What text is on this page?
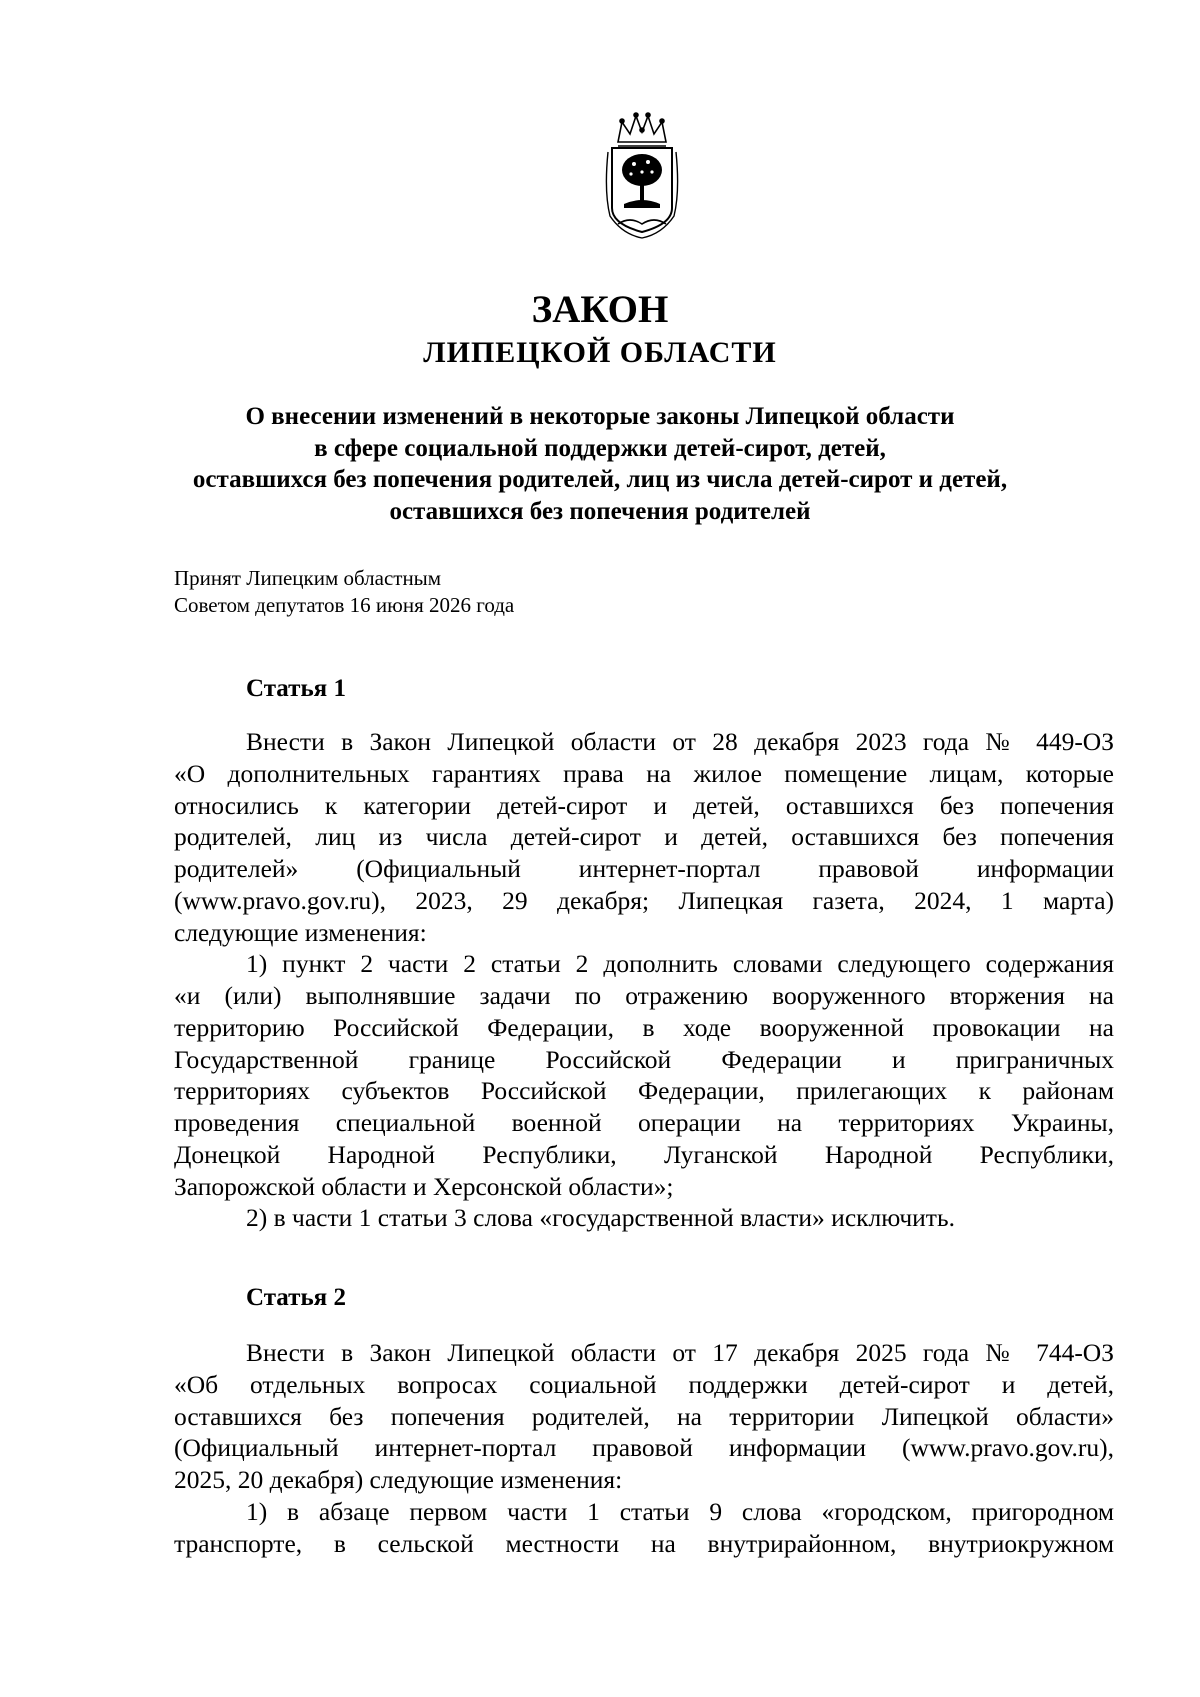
ЗАКОН
ЛИПЕЦКОЙ ОБЛАСТИ
О внесении изменений в некоторые законы Липецкой области
в сфере социальной поддержки детей-сирот, детей,
оставшихся без попечения родителей, лиц из числа детей-сирот и детей,
оставшихся без попечения родителей
Принят Липецким областным
Советом депутатов 16 июня 2026 года
Статья 1
Внести в Закон Липецкой области от 28 декабря 2023 года № 449-ОЗ
«О дополнительных гарантиях права на жилое помещение лицам, которые
относились к категории детей-сирот и детей, оставшихся без попечения
родителей, лиц из числа детей-сирот и детей, оставшихся без попечения
родителей» (Официальный интернет-портал правовой информации
(www.pravo.gov.ru), 2023, 29 декабря; Липецкая газета, 2024, 1 марта)
следующие изменения:
1) пункт 2 части 2 статьи 2 дополнить словами следующего содержания
«и (или) выполнявшие задачи по отражению вооруженного вторжения на
территорию Российской Федерации, в ходе вооруженной провокации на
Государственной границе Российской Федерации и приграничных
территориях субъектов Российской Федерации, прилегающих к районам
проведения специальной военной операции на территориях Украины,
Донецкой Народной Республики, Луганской Народной Республики,
Запорожской области и Херсонской области»;
2) в части 1 статьи 3 слова «государственной власти» исключить.
Статья 2
Внести в Закон Липецкой области от 17 декабря 2025 года № 744-ОЗ
«Об отдельных вопросах социальной поддержки детей-сирот и детей,
оставшихся без попечения родителей, на территории Липецкой области»
(Официальный интернет-портал правовой информации (www.pravo.gov.ru),
2025, 20 декабря) следующие изменения:
1) в абзаце первом части 1 статьи 9 слова «городском, пригородном
транспорте, в сельской местности на внутрирайонном, внутриокружном
